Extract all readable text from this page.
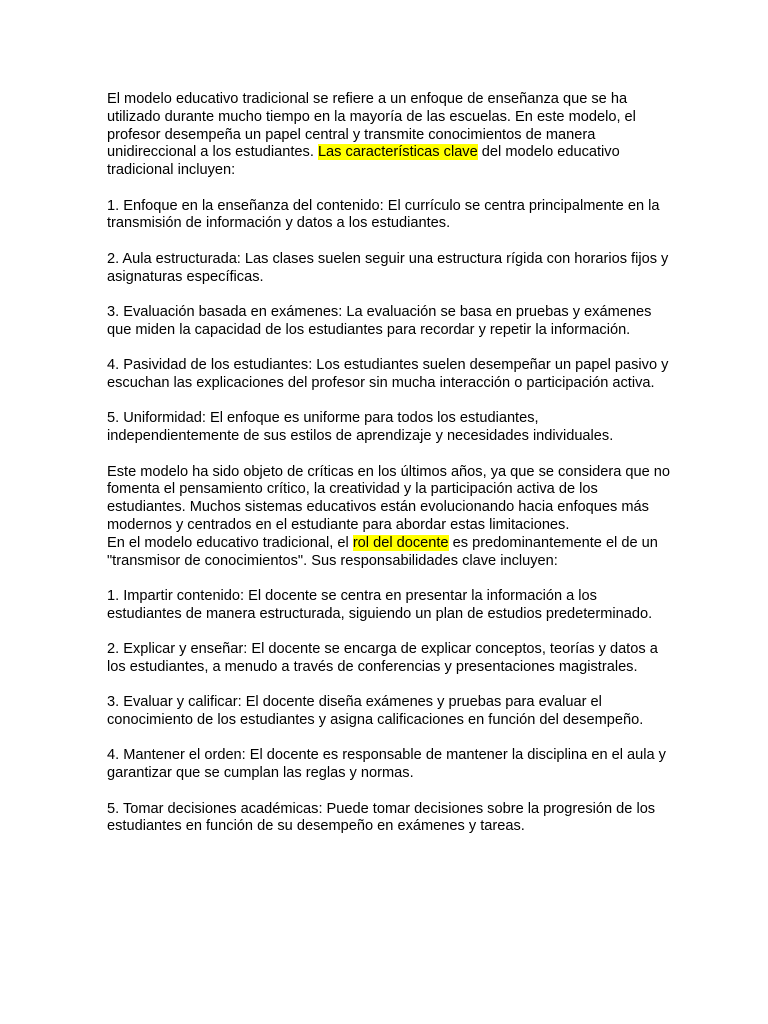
El modelo educativo tradicional se refiere a un enfoque de enseñanza que se ha utilizado durante mucho tiempo en la mayoría de las escuelas. En este modelo, el profesor desempeña un papel central y transmite conocimientos de manera unidireccional a los estudiantes. Las características clave del modelo educativo tradicional incluyen:

1. Enfoque en la enseñanza del contenido: El currículo se centra principalmente en la transmisión de información y datos a los estudiantes.
2. Aula estructurada: Las clases suelen seguir una estructura rígida con horarios fijos y asignaturas específicas.
3. Evaluación basada en exámenes: La evaluación se basa en pruebas y exámenes que miden la capacidad de los estudiantes para recordar y repetir la información.
4. Pasividad de los estudiantes: Los estudiantes suelen desempeñar un papel pasivo y escuchan las explicaciones del profesor sin mucha interacción o participación activa.
5. Uniformidad: El enfoque es uniforme para todos los estudiantes, independientemente de sus estilos de aprendizaje y necesidades individuales.

Este modelo ha sido objeto de críticas en los últimos años, ya que se considera que no fomenta el pensamiento crítico, la creatividad y la participación activa de los estudiantes. Muchos sistemas educativos están evolucionando hacia enfoques más modernos y centrados en el estudiante para abordar estas limitaciones.

En el modelo educativo tradicional, el rol del docente es predominantemente el de un "transmisor de conocimientos". Sus responsabilidades clave incluyen:

1. Impartir contenido: El docente se centra en presentar la información a los estudiantes de manera estructurada, siguiendo un plan de estudios predeterminado.
2. Explicar y enseñar: El docente se encarga de explicar conceptos, teorías y datos a los estudiantes, a menudo a través de conferencias y presentaciones magistrales.
3. Evaluar y calificar: El docente diseña exámenes y pruebas para evaluar el conocimiento de los estudiantes y asigna calificaciones en función del desempeño.
4. Mantener el orden: El docente es responsable de mantener la disciplina en el aula y garantizar que se cumplan las reglas y normas.
5. Tomar decisiones académicas: Puede tomar decisiones sobre la progresión de los estudiantes en función de su desempeño en exámenes y tareas.
